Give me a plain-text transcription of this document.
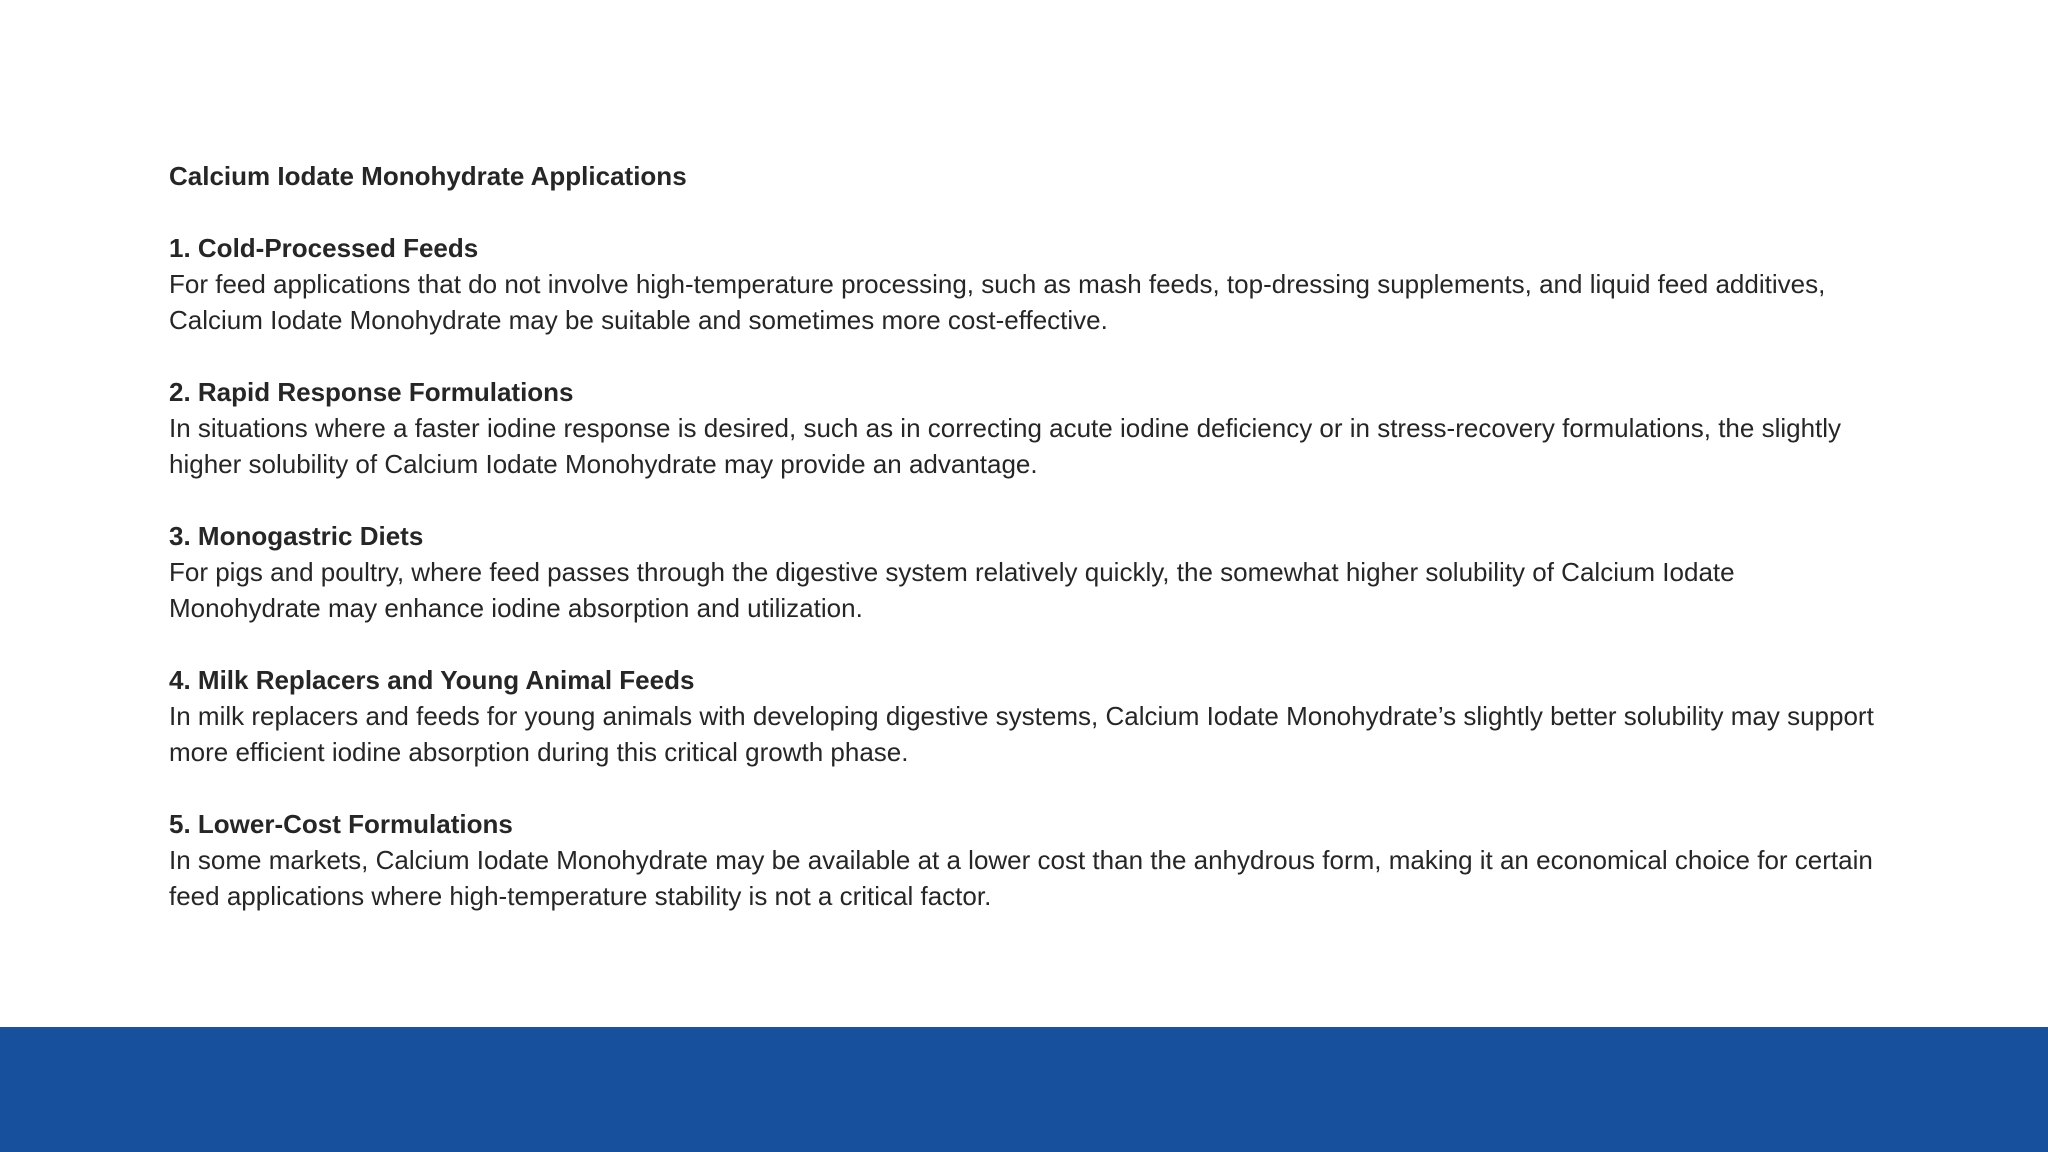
Calcium Iodate Monohydrate Applications

1. Cold-Processed Feeds

For feed applications that do not involve high-temperature processing, such as mash feeds, top-dressing supplements, and liquid feed additives, Calcium Iodate Monohydrate may be suitable and sometimes more cost-effective.

2. Rapid Response Formulations

In situations where a faster iodine response is desired, such as in correcting acute iodine deficiency or in stress-recovery formulations, the slightly higher solubility of Calcium Iodate Monohydrate may provide an advantage.

3. Monogastric Diets

For pigs and poultry, where feed passes through the digestive system relatively quickly, the somewhat higher solubility of Calcium Iodate Monohydrate may enhance iodine absorption and utilization.

4. Milk Replacers and Young Animal Feeds

In milk replacers and feeds for young animals with developing digestive systems, Calcium Iodate Monohydrate’s slightly better solubility may support more efficient iodine absorption during this critical growth phase.

5. Lower-Cost Formulations

In some markets, Calcium Iodate Monohydrate may be available at a lower cost than the anhydrous form, making it an economical choice for certain feed applications where high-temperature stability is not a critical factor.
